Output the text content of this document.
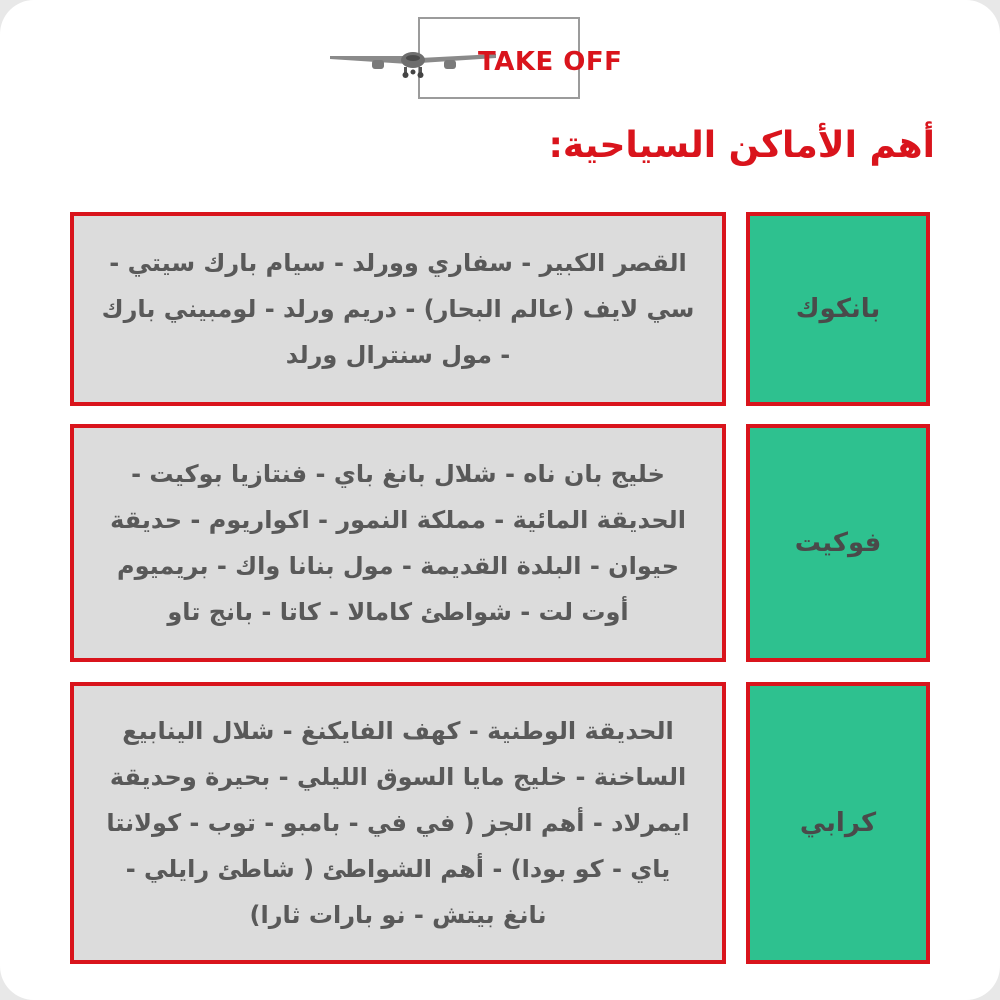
TAKE OFF
أهم الأماكن السياحية:
القصر الكبير - سفاري وورلد - سيام بارك سيتي - سي لايف (عالم البحار) - دريم ورلد - لومبيني بارك - مول سنترال ورلد
بانكوك
خليج بان ناه - شلال بانغ باي - فنتازيا بوكيت - الحديقة المائية - مملكة النمور - اكواريوم - حديقة حيوان - البلدة القديمة - مول بنانا واك - بريميوم أوت لت - شواطئ كامالا - كاتا - بانج تاو
فوكيت
الحديقة الوطنية - كهف الفايكنغ - شلال الينابيع الساخنة - خليج مايا السوق الليلي - بحيرة وحديقة ايمرلاد - أهم الجز ( في في - بامبو - توب - كولانتا ياي - كو بودا) - أهم الشواطئ ( شاطئ رايلي - نانغ بيتش - نو بارات ثارا)
كرابي
